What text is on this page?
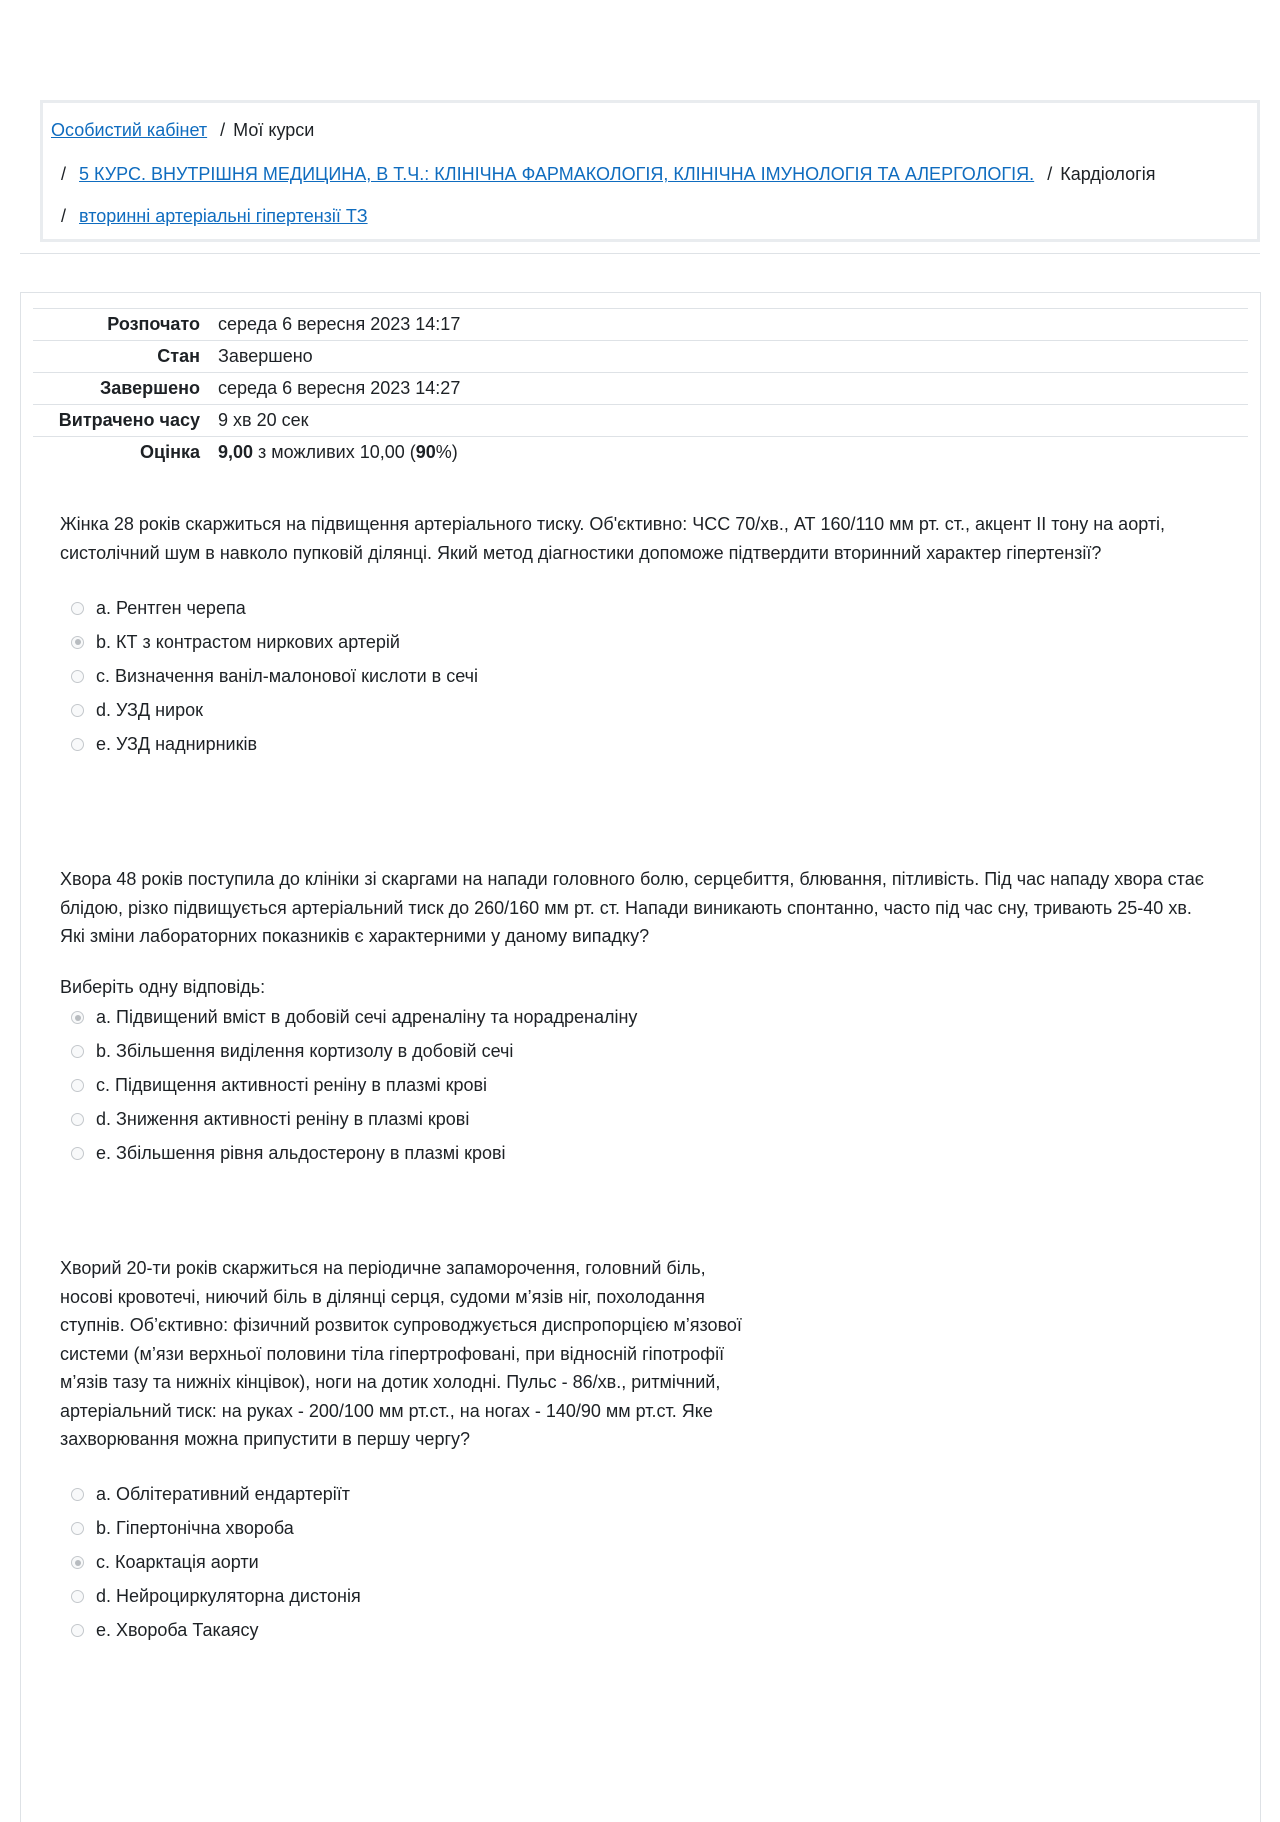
Особистий кабінет / Мої курси
/ 5 КУРС. ВНУТРІШНЯ МЕДИЦИНА, В Т.Ч.: КЛІНІЧНА ФАРМАКОЛОГІЯ, КЛІНІЧНА ІМУНОЛОГІЯ ТА АЛЕРГОЛОГІЯ. / Кардіологія
/ вторинні артеріальні гіпертензії ТЗ
Розпочато	середа 6 вересня 2023 14:17
Стан	Завершено
Завершено	середа 6 вересня 2023 14:27
Витрачено часу	9 хв 20 сек
Оцінка	9,00 з можливих 10,00 (90%)

Жінка 28 років скаржиться на підвищення артеріального тиску. Об'єктивно: ЧСС 70/хв., АТ 160/110 мм рт. ст., акцент II тону на аорті, систолічний шум в навколо пупковій ділянці. Який метод діагностики допоможе підтвердити вторинний характер гіпертензії?

a. Рентген черепа
b. КТ з контрастом ниркових артерій
c. Визначення ваніл-малонової кислоти в сечі
d. УЗД нирок
e. УЗД наднирників

Хвора 48 років поступила до клініки зі скаргами на напади головного болю, серцебиття, блювання, пітливість. Під час нападу хвора стає блідою, різко підвищується артеріальний тиск до 260/160 мм рт. ст. Напади виникають спонтанно, часто під час сну, тривають 25-40 хв. Які зміни лабораторних показників є характерними у даному випадку?

Виберіть одну відповідь:

a. Підвищений вміст в добовій сечі адреналіну та норадреналіну
b. Збільшення виділення кортизолу в добовій сечі
c. Підвищення активності реніну в плазмі крові
d. Зниження активності реніну в плазмі крові
e. Збільшення рівня альдостерону в плазмі крові
Хворий 20-ти років скаржиться на періодичне запаморочення, головний біль,
носові кровотечі, ниючий біль в ділянці серця, судоми м’язів ніг, похолодання
ступнів. Об’єктивно: фізичний розвиток супроводжується диспропорцією м’язової
системи (м’язи верхньої половини тіла гіпертрофовані, при відносній гіпотрофії
м’язів тазу та нижніх кінцівок), ноги на дотик холодні. Пульс - 86/хв., ритмічний,
артеріальний тиск: на руках - 200/100 мм рт.ст., на ногах - 140/90 мм рт.ст. Яке
захворювання можна припустити в першу чергу?
a. Облітеративний ендартеріїт
b. Гіпертонічна хвороба
c. Коарктація аорти
d. Нейроциркуляторна дистонія
e. Хвороба Такаясу
